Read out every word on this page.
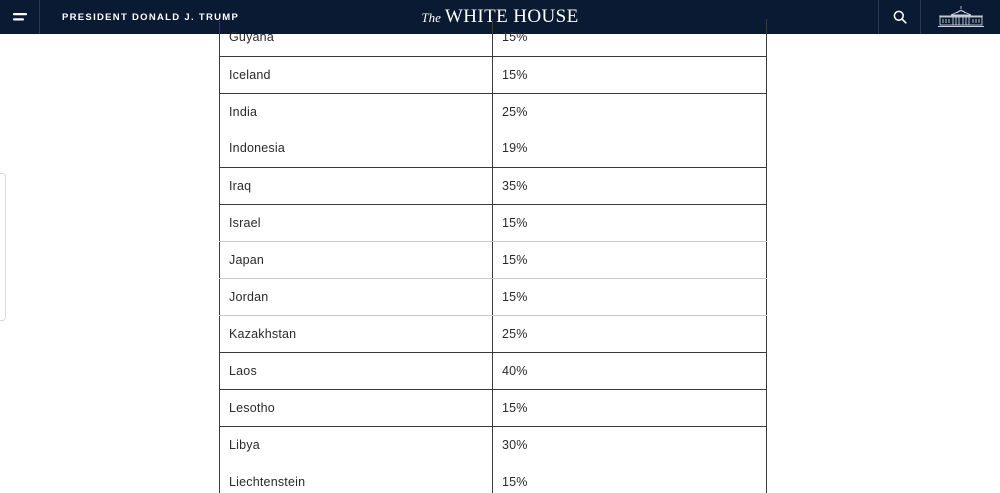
PRESIDENT DONALD J. TRUMP	The WHITE HOUSE
Guyana	15%
Iceland	15%
India	25%
Indonesia	19%
Iraq	35%
Israel	15%
Japan	15%
Jordan	15%
Kazakhstan	25%
Laos	40%
Lesotho	15%
Libya	30%
Liechtenstein	15%
